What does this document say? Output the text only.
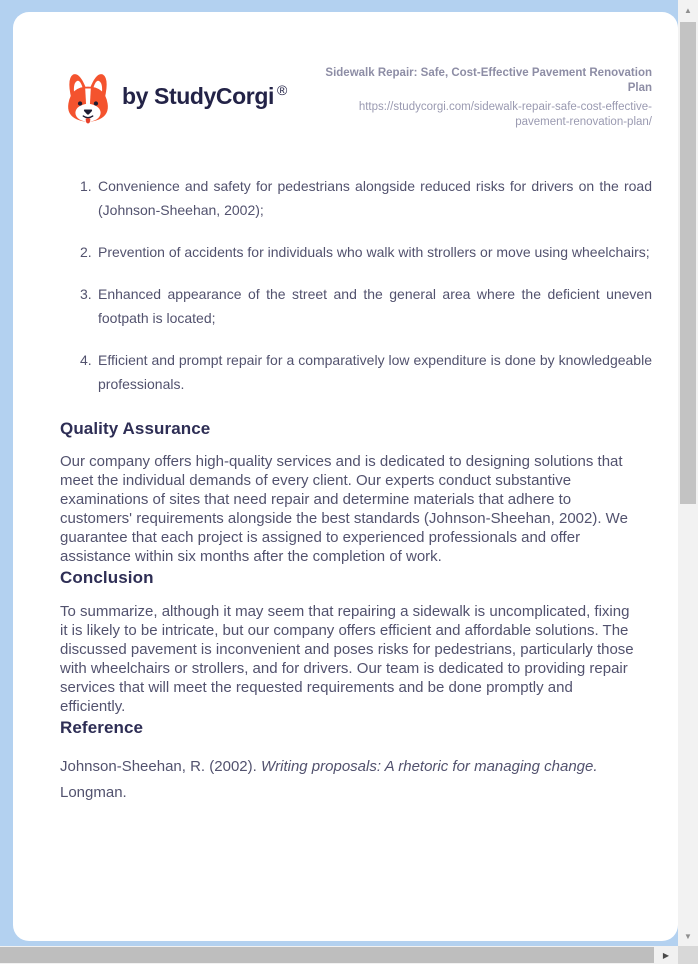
by StudyCorgi ®
Sidewalk Repair: Safe, Cost-Effective Pavement Renovation Plan
https://studycorgi.com/sidewalk-repair-safe-cost-effective-pavement-renovation-plan/
1. Convenience and safety for pedestrians alongside reduced risks for drivers on the road (Johnson-Sheehan, 2002);
2. Prevention of accidents for individuals who walk with strollers or move using wheelchairs;
3. Enhanced appearance of the street and the general area where the deficient uneven footpath is located;
4. Efficient and prompt repair for a comparatively low expenditure is done by knowledgeable professionals.
Quality Assurance

Our company offers high-quality services and is dedicated to designing solutions that meet the individual demands of every client. Our experts conduct substantive examinations of sites that need repair and determine materials that adhere to customers' requirements alongside the best standards (Johnson-Sheehan, 2002). We guarantee that each project is assigned to experienced professionals and offer assistance within six months after the completion of work.

Conclusion

To summarize, although it may seem that repairing a sidewalk is uncomplicated, fixing it is likely to be intricate, but our company offers efficient and affordable solutions. The discussed pavement is inconvenient and poses risks for pedestrians, particularly those with wheelchairs or strollers, and for drivers. Our team is dedicated to providing repair services that will meet the requested requirements and be done promptly and efficiently.

Reference

Johnson-Sheehan, R. (2002). Writing proposals: A rhetoric for managing change. Longman.

▲
▼
▶
